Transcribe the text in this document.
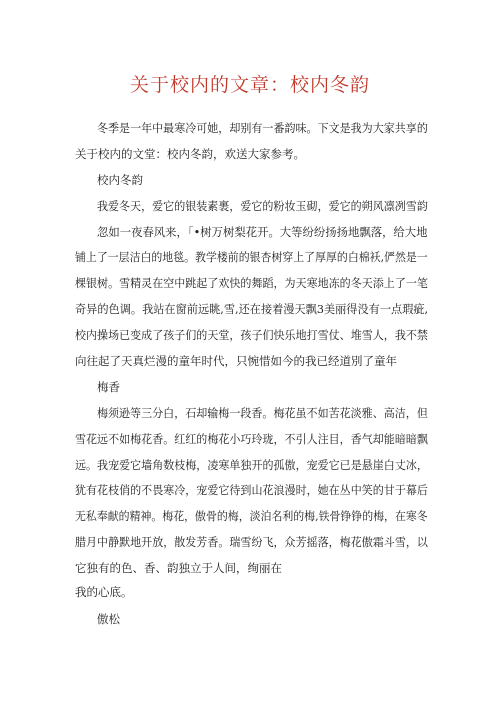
关于校内的文章：校内冬韵

冬季是一年中最寒冷可她，却别有一番韵味。下文是我为大家共享的

关于校内的文堂：校内冬韵，欢送大家参考。

校内冬韵

我爱冬天，爱它的银装素裹，爱它的粉妆玉砌，爱它的朔风凛冽雪韵

忽如一夜春风来，「•树万树梨花开。大等纷纷扬扬地飘落，给大地

铺上了一层洁白的地毯。教学楼前的银杏树穿上了厚厚的白棉袄,俨然是一

棵银树。雪精灵在空中跳起了欢快的舞蹈，为天寒地冻的冬天添上了一笔

奇异的色调。我站在窗前远眺,雪,还在接着漫天飘3美丽得没有一点瑕疵,

校内操场已变成了孩子们的天堂，孩子们快乐地打雪仗、堆雪人，我不禁

向往起了天真烂漫的童年时代，只惋惜如今的我已经道別了童年

梅香

梅须逊等三分白，石却输梅一段香。梅花虽不如苦花淡雅、高洁，但

雪花远不如梅花香。红红的梅花小巧玲珑，不引人注目，香气却能暗暗飘

远。我宠爱它墙角数枝梅，凌寒单独开的孤傲，宠爱它已是悬崖白丈冰，

犹有花枝俏的不畏寒冷，宠爱它待到山花浪漫时，她在丛中笑的甘于幕后

无私奉献的精神。梅花，傲骨的梅，淡泊名利的梅,铁骨铮铮的梅，在寒冬

腊月中静默地开放，散发芳香。瑞雪纷飞，众芳摇落，梅花傲霜斗雪，以

它独有的色、香、韵独立于人间，绚丽在

我的心底。

傲松
